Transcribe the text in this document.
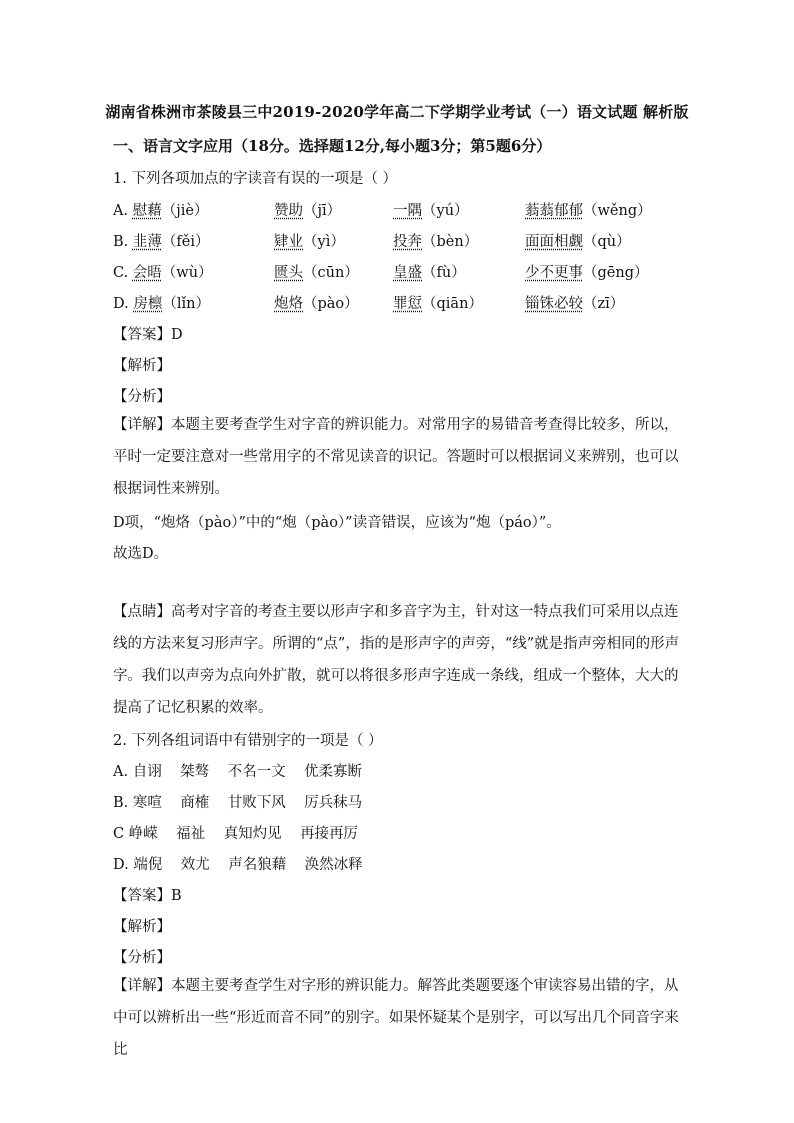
湖南省株洲市茶陵县三中2019-2020学年高二下学期学业考试（一）语文试题 解析版
一、语言文字应用（18分。选择题12分,每小题3分；第5题6分）
1. 下列各项加点的字读音有误的一项是（ ）
A. 慰藉（jiè）	赞助（jī）	一隅（yú）	蓊蓊郁郁（wěng）
B. 韭薄（fěi）	肄业（yì）	投奔（bèn）	面面相觑（qù）
C. 会晤（wù）	匮头（cūn） 皇盛（fù）	少不更事（gēng）
D. 房檩（lǐn）	炮烙（pào） 罪愆（qiān）	锱铢必较（zī）
【答案】D
【解析】
【分析】
【详解】本题主要考查学生对字音的辨识能力。对常用字的易错音考查得比较多，所以，平时一定要注意对一些常用字的不常见读音的识记。答题时可以根据词义来辨别，也可以根据词性来辨别。
D项，“炮烙（pào）”中的“炮（pào）”读音错误，应该为“炮（páo）”。
故选D。
【点睛】高考对字音的考查主要以形声字和多音字为主，针对这一特点我们可采用以点连线的方法来复习形声字。所谓的“点”，指的是形声字的声旁，“线”就是指声旁相同的形声字。我们以声旁为点向外扩散，就可以将很多形声字连成一条线，组成一个整体，大大的提高了记忆积累的效率。
2. 下列各组词语中有错别字的一项是（ ）
A. 自诩 桀骜 不名一文 优柔寡断
B. 寒喧 商榷 甘败下风 厉兵秣马
C 峥嵘 福祉 真知灼见 再接再厉
D. 端倪 效尤 声名狼藉 涣然冰释
【答案】B
【解析】
【分析】
【详解】本题主要考查学生对字形的辨识能力。解答此类题要逐个审读容易出错的字，从中可以辨析出一些“形近而音不同”的别字。如果怀疑某个是别字，可以写出几个同音字来比
